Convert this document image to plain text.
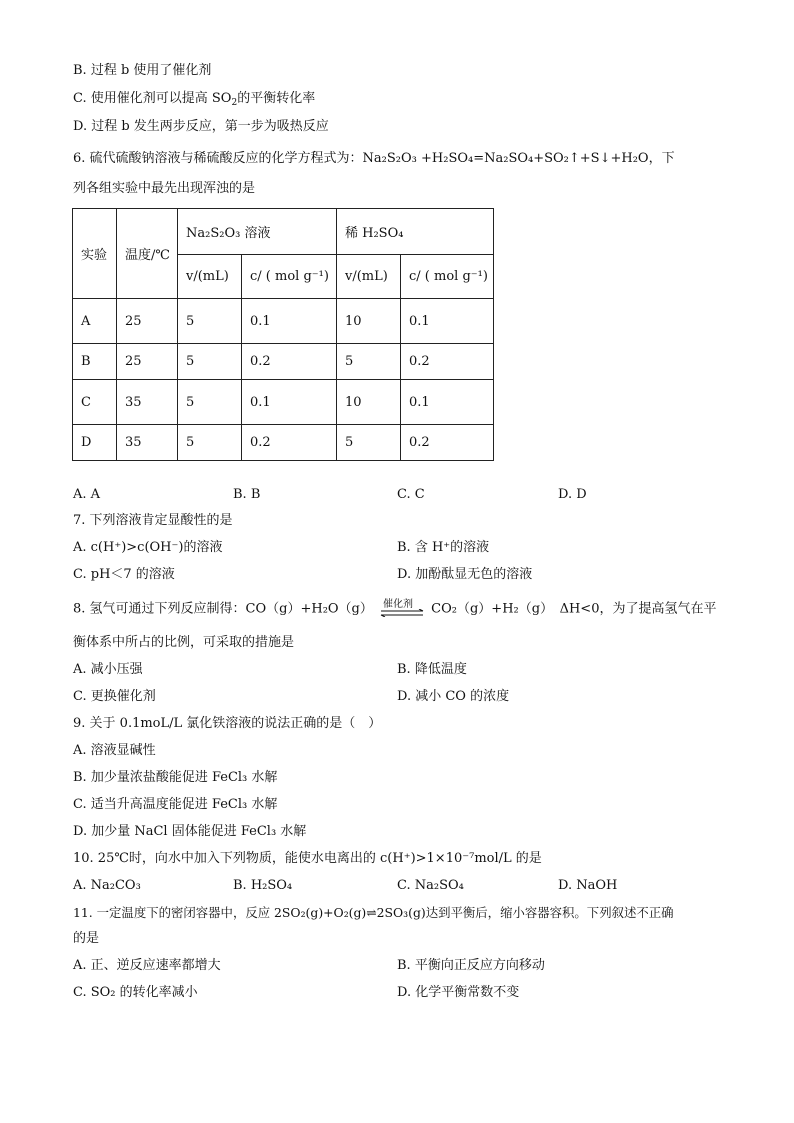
B. 过程 b 使用了催化剂
C. 使用催化剂可以提高 $SO_2$的平衡转化率
D. 过程 b 发生两步反应，第一步为吸热反应
6. 硫代硫酸钠溶液与稀硫酸反应的化学方程式为：Na₂S₂O₃ +H₂SO₄=Na₂SO₄+SO₂↑+S↓+H₂O，下
列各组实验中最先出现浑浊的是
实验	温度/℃	Na₂S₂O₃ 溶液		稀 H₂SO₄	
		v/(mL)	c/ ( mol g⁻¹)	v/(mL)	c/ ( mol g⁻¹)
A	25	5	0.1	10	0.1
B	25	5	0.2	5	0.2
C	35	5	0.1	10	0.1
D	35	5	0.2	5	0.2
A. A	B. B	C. C	D. D
7. 下列溶液肯定显酸性的是
A. c(H⁺)>c(OH⁻)的溶液	B. 含 H⁺的溶液
C. pH＜7 的溶液	D. 加酚酞显无色的溶液
8. 氢气可通过下列反应制得：CO（g）+H₂O（g） 催化剂 CO₂（g）+H₂（g）　ΔH<0，为了提高氢气在平
衡体系中所占的比例，可采取的措施是
A. 减小压强	B. 降低温度
C. 更换催化剂	D. 减小 CO 的浓度
9. 关于 0.1moL/L 氯化铁溶液的说法正确的是（　）
A. 溶液显碱性
B. 加少量浓盐酸能促进 FeCl₃ 水解
C. 适当升高温度能促进 FeCl₃ 水解
D. 加少量 NaCl 固体能促进 FeCl₃ 水解
10. 25℃时，向水中加入下列物质，能使水电离出的 c(H⁺)>1×10⁻⁷mol/L 的是
A. Na₂CO₃	B. H₂SO₄	C. Na₂SO₄	D. NaOH
11. 一定温度下的密闭容器中，反应 2SO₂(g)+O₂(g)⇌2SO₃(g)达到平衡后，缩小容器容积。下列叙述不正确
的是
A. 正、逆反应速率都增大	B. 平衡向正反应方向移动
C. SO₂ 的转化率减小	D. 化学平衡常数不变
